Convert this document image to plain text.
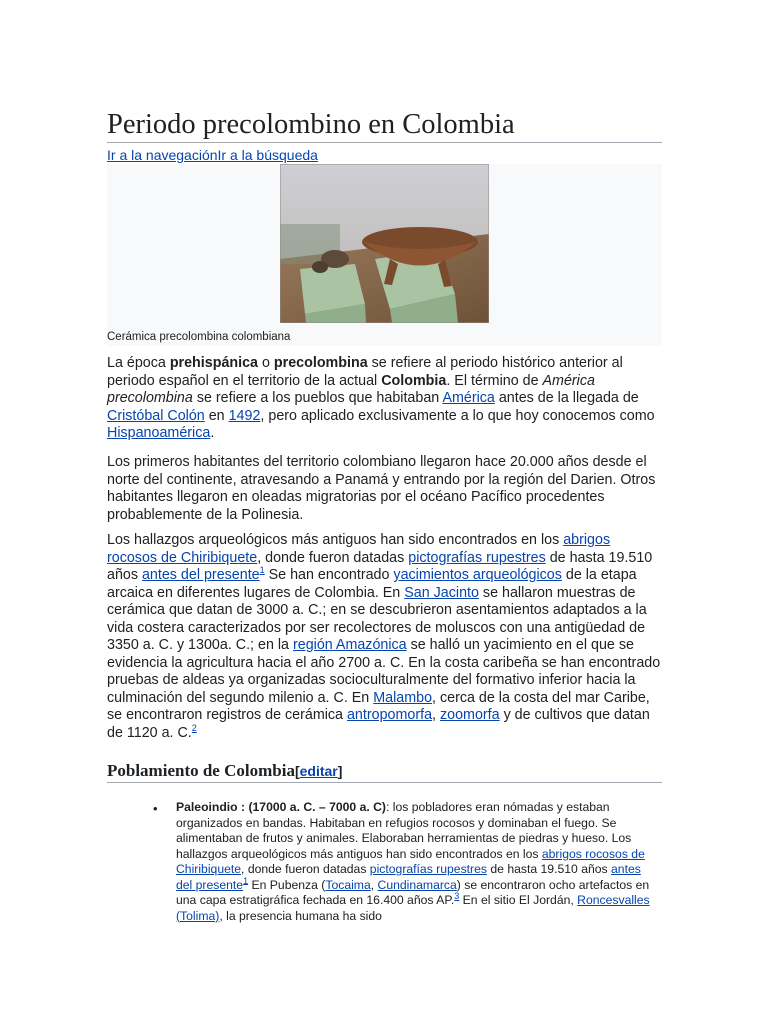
Periodo precolombino en Colombia
Ir a la navegaciónIr a la búsqueda
Cerámica precolombina colombiana

La época prehispánica o precolombina se refiere al periodo histórico anterior al periodo español en el territorio de la actual Colombia. El término de América precolombina se refiere a los pueblos que habitaban América antes de la llegada de Cristóbal Colón en 1492, pero aplicado exclusivamente a lo que hoy conocemos como Hispanoamérica.

Los primeros habitantes del territorio colombiano llegaron hace 20.000 años desde el norte del continente, atravesando a Panamá y entrando por la región del Darien. Otros habitantes llegaron en oleadas migratorias por el océano Pacífico procedentes probablemente de la Polinesia.

Los hallazgos arqueológicos más antiguos han sido encontrados en los abrigos rocosos de Chiribiquete, donde fueron datadas pictografías rupestres de hasta 19.510 años antes del presente$^1$ Se han encontrado yacimientos arqueológicos de la etapa arcaica en diferentes lugares de Colombia. En San Jacinto se hallaron muestras de cerámica que datan de 3000 a. C.; en se descubrieron asentamientos adaptados a la vida costera caracterizados por ser recolectores de moluscos con una antigüedad de 3350 a. C. y 1300a. C.; en la región Amazónica se halló un yacimiento en el que se evidencia la agricultura hacia el año 2700 a. C. En la costa caribeña se han encontrado pruebas de aldeas ya organizadas socioculturalmente del formativo inferior hacia la culminación del segundo milenio a. C. En Malambo, cerca de la costa del mar Caribe, se encontraron registros de cerámica antropomorfa, zoomorfa y de cultivos que datan de 1120 a. C.$^2$

Poblamiento de Colombia[editar]
• Paleoindio : (17000 a. C. – 7000 a. C): los pobladores eran nómadas y estaban organizados en bandas. Habitaban en refugios rocosos y dominaban el fuego. Se alimentaban de frutos y animales. Elaboraban herramientas de piedras y hueso. Los hallazgos arqueológicos más antiguos han sido encontrados en los abrigos rocosos de Chiribiquete, donde fueron datadas pictografías rupestres de hasta 19.510 años antes del presente$^1$ En Pubenza (Tocaima, Cundinamarca) se encontraron ocho artefactos en una capa estratigráfica fechada en 16.400 años AP.$^3$ En el sitio El Jordán, Roncesvalles (Tolima), la presencia humana ha sido
